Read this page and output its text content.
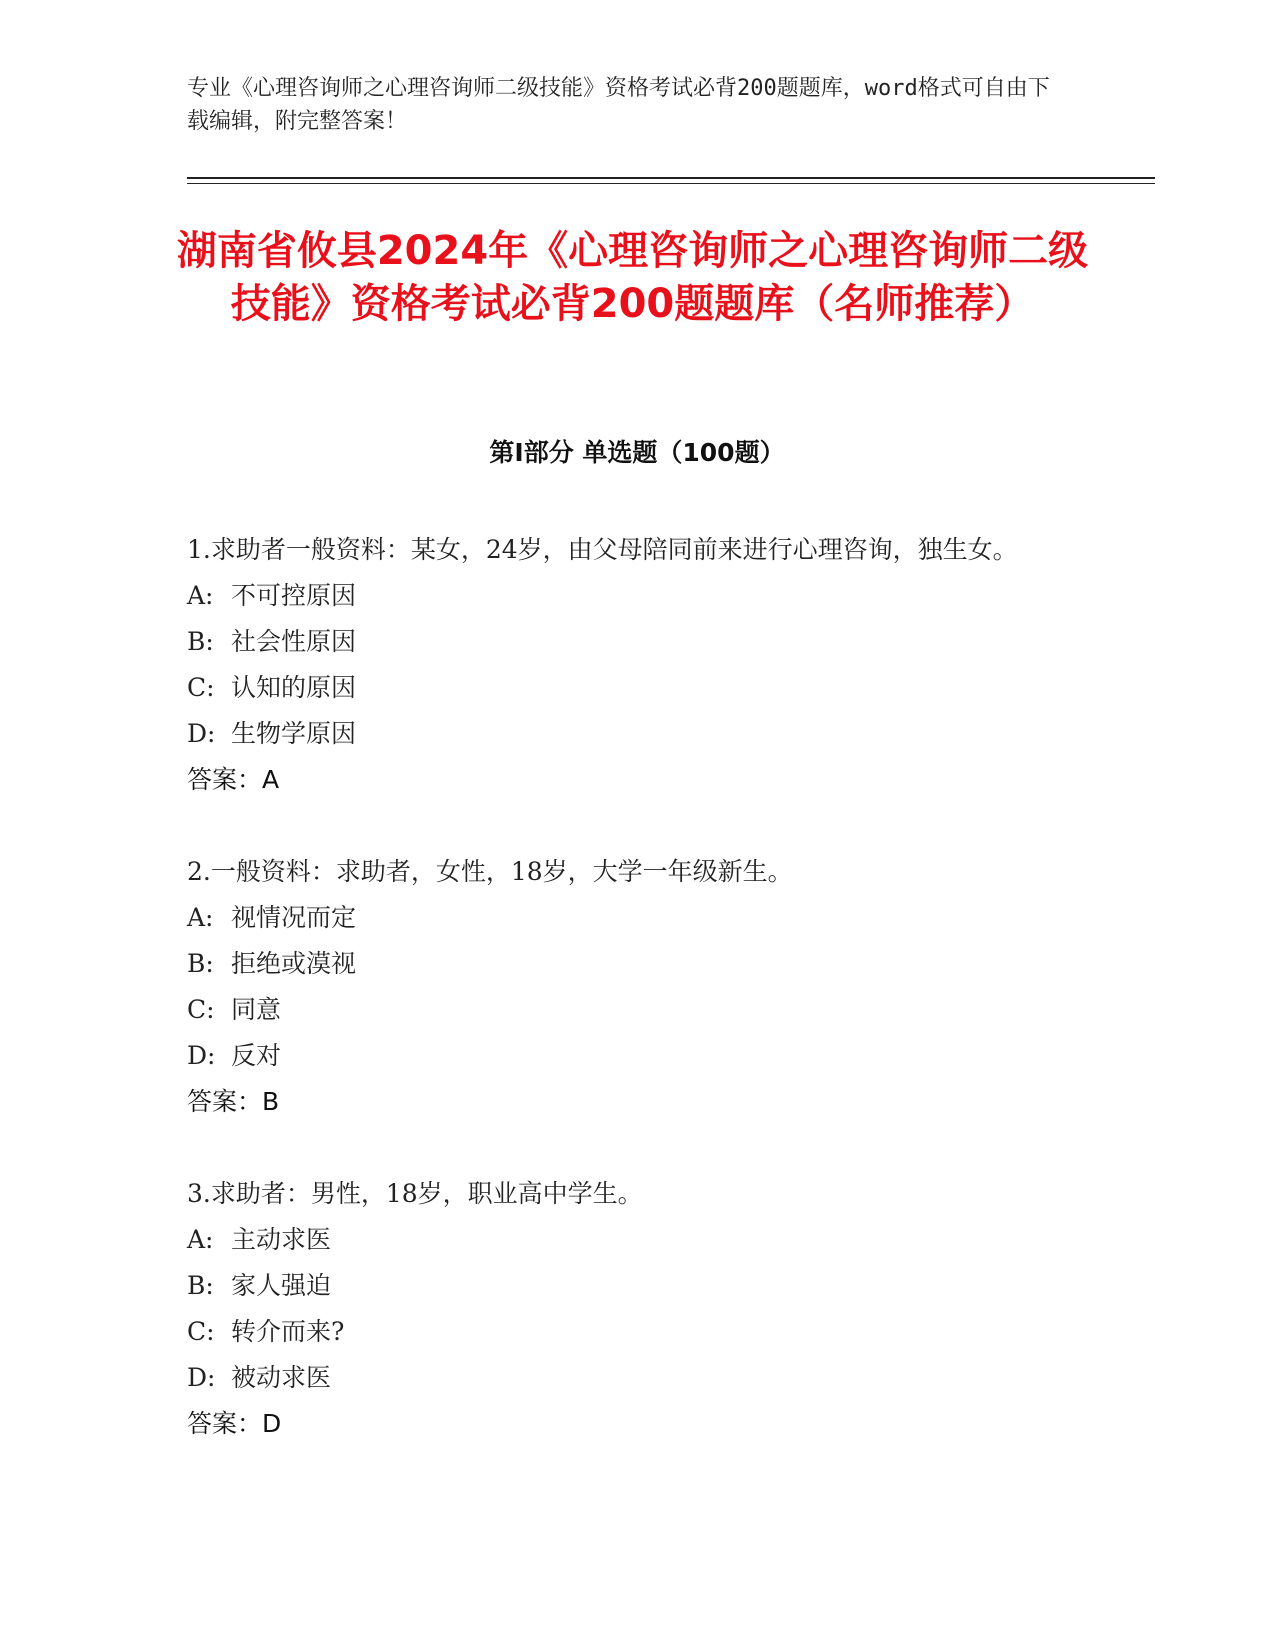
专业《心理咨询师之心理咨询师二级技能》资格考试必背200题题库，word格式可自由下载编辑，附完整答案！
湖南省攸县2024年《心理咨询师之心理咨询师二级技能》资格考试必背200题题库（名师推荐）
第Ⅰ部分 单选题（100题）
1.求助者一般资料：某女，24岁，由父母陪同前来进行心理咨询，独生女。
A: 不可控原因
B: 社会性原因
C: 认知的原因
D: 生物学原因
答案：A
2.一般资料：求助者，女性，18岁，大学一年级新生。
A: 视情况而定
B: 拒绝或漠视
C: 同意
D: 反对
答案：B
3.求助者：男性，18岁，职业高中学生。
A: 主动求医
B: 家人强迫
C: 转介而来?
D: 被动求医
答案：D
